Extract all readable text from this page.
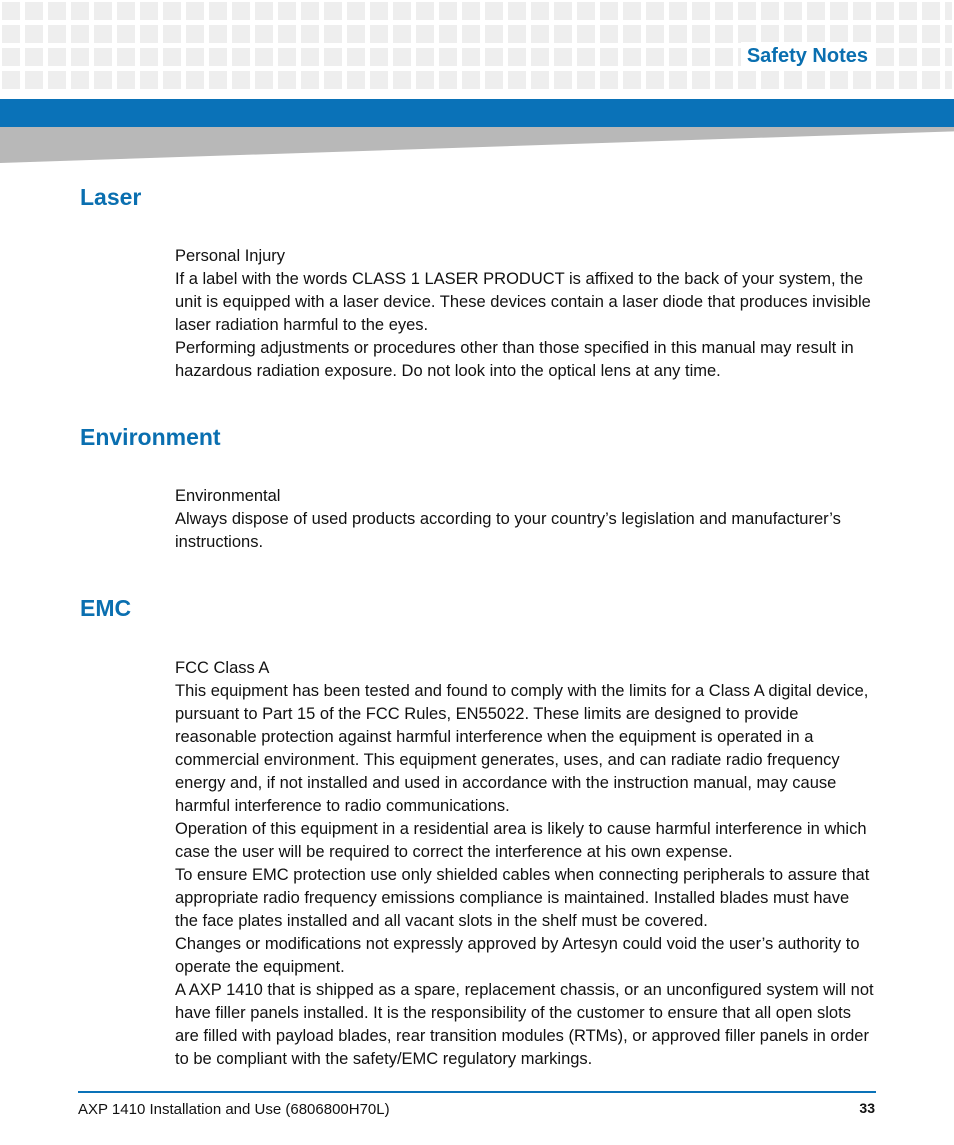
Safety Notes
Laser

Personal Injury

If a label with the words CLASS 1 LASER PRODUCT is affixed to the back of your system, the unit is equipped with a laser device. These devices contain a laser diode that produces invisible laser radiation harmful to the eyes.

Performing adjustments or procedures other than those specified in this manual may result in hazardous radiation exposure. Do not look into the optical lens at any time.

Environment

Environmental

Always dispose of used products according to your country’s legislation and manufacturer’s instructions.

EMC

FCC Class A

This equipment has been tested and found to comply with the limits for a Class A digital device, pursuant to Part 15 of the FCC Rules, EN55022. These limits are designed to provide reasonable protection against harmful interference when the equipment is operated in a commercial environment. This equipment generates, uses, and can radiate radio frequency energy and, if not installed and used in accordance with the instruction manual, may cause harmful interference to radio communications.

Operation of this equipment in a residential area is likely to cause harmful interference in which case the user will be required to correct the interference at his own expense.

To ensure EMC protection use only shielded cables when connecting peripherals to assure that appropriate radio frequency emissions compliance is maintained. Installed blades must have the face plates installed and all vacant slots in the shelf must be covered.

Changes or modifications not expressly approved by Artesyn could void the user’s authority to operate the equipment.

A AXP 1410 that is shipped as a spare, replacement chassis, or an unconfigured system will not have filler panels installed. It is the responsibility of the customer to ensure that all open slots are filled with payload blades, rear transition modules (RTMs), or approved filler panels in order to be compliant with the safety/EMC regulatory markings.

AXP 1410 Installation and Use (6806800H70L)	33
